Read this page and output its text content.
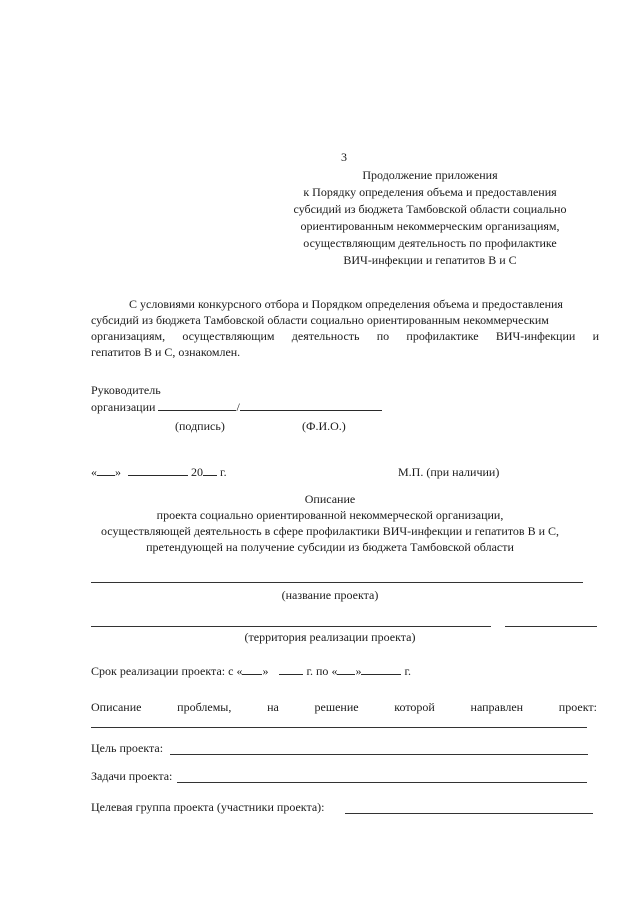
3
Продолжение приложения
к Порядку определения объема и предоставления
субсидий из бюджета Тамбовской области социально
ориентированным некоммерческим организациям,
осуществляющим деятельность по профилактике
ВИЧ-инфекции и гепатитов В и С
С условиями конкурсного отбора и Порядком определения объема и предоставления
субсидий из бюджета Тамбовской области социально ориентированным некоммерческим
организациям, осуществляющим деятельность по профилактике ВИЧ-инфекции и
гепатитов В и С, ознакомлен.
Руководитель
организации	/
(подпись)	(Ф.И.О.)
« »	20 г.	М.П. (при наличии)
Описание
проекта социально ориентированной некоммерческой организации,
осуществляющей деятельность в сфере профилактики ВИЧ-инфекции и гепатитов В и С,
претендующей на получение субсидии из бюджета Тамбовской области
(название проекта)
(территория реализации проекта)
Срок реализации проекта: с « »	г. по « »	г.
Описание	проблемы,	на	решение	которой	направлен	проект:
Цель проекта:
Задачи проекта:
Целевая группа проекта (участники проекта):
